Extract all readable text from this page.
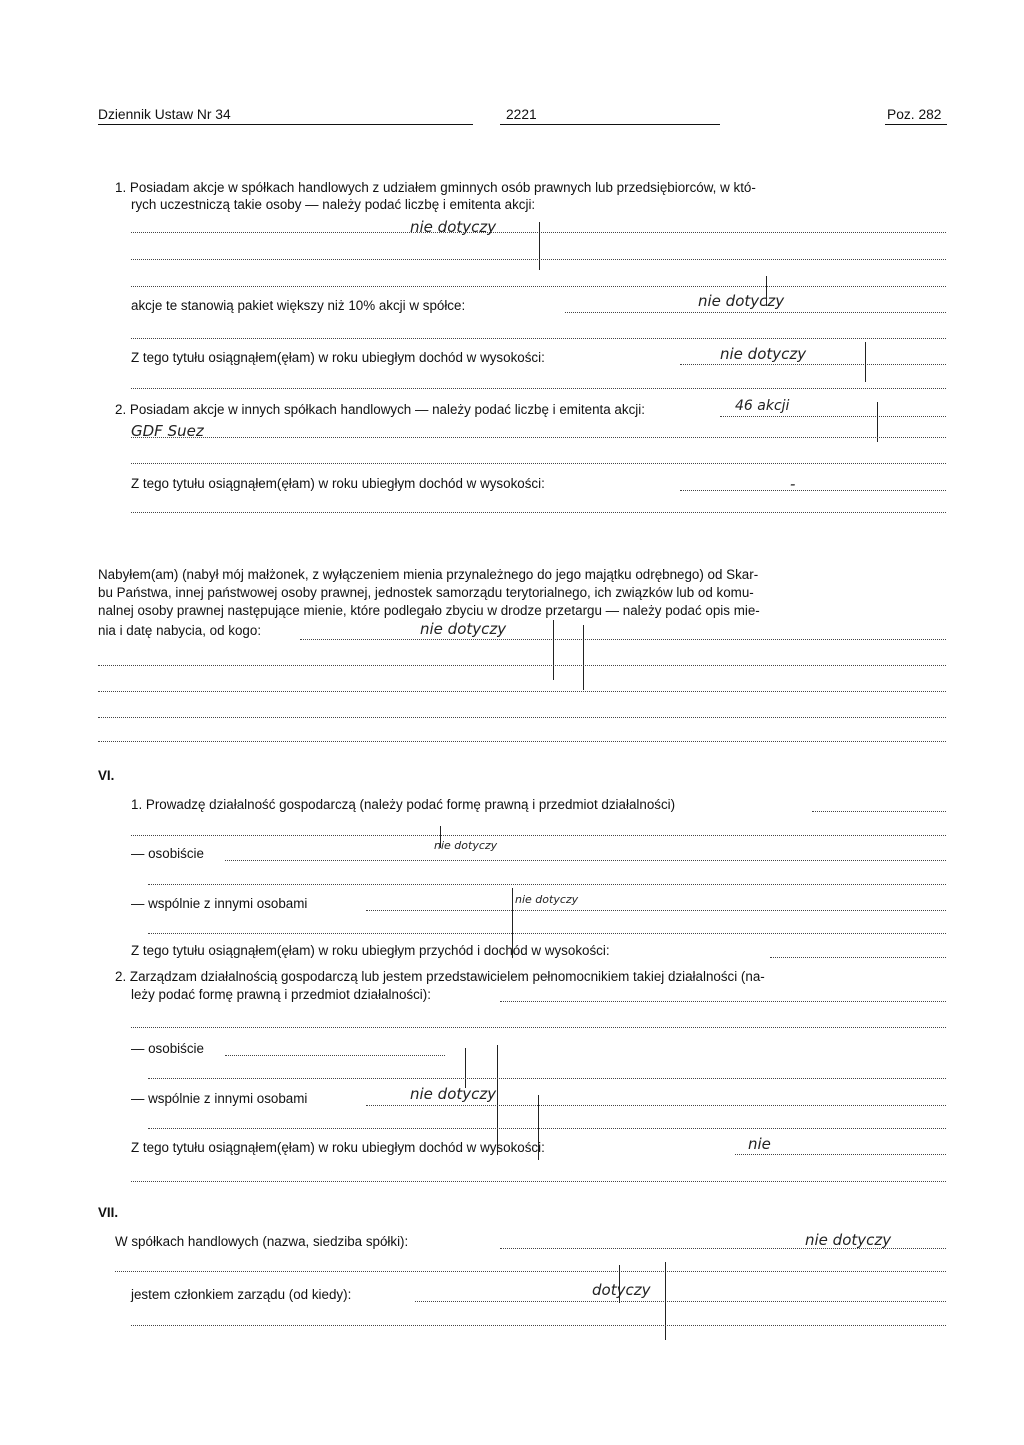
Dziennik Ustaw Nr 34	2221	Poz. 282
1. Posiadam akcje w spółkach handlowych z udziałem gminnych osób prawnych lub przedsiębiorców, w któ-
rych uczestniczą takie osoby — należy podać liczbę i emitenta akcji:
nie dotyczy
akcje te stanowią pakiet większy niż 10% akcji w spółce:	nie dotyczy
Z tego tytułu osiągnąłem(ęłam) w roku ubiegłym dochód w wysokości:	nie dotyczy
2. Posiadam akcje w innych spółkach handlowych — należy podać liczbę i emitenta akcji:	46 akcji
GDF Suez
Z tego tytułu osiągnąłem(ęłam) w roku ubiegłym dochód w wysokości:	-
Nabyłem(am) (nabył mój małżonek, z wyłączeniem mienia przynależnego do jego majątku odrębnego) od Skar-
bu Państwa, innej państwowej osoby prawnej, jednostek samorządu terytorialnego, ich związków lub od komu-
nalnej osoby prawnej następujące mienie, które podlegało zbyciu w drodze przetargu — należy podać opis mie-
nia i datę nabycia, od kogo:	nie dotyczy
VI.
1. Prowadzę działalność gospodarczą (należy podać formę prawną i przedmiot działalności)
— osobiście
nie dotyczy
— wspólnie z innymi osobami	nie dotyczy
Z tego tytułu osiągnąłem(ęłam) w roku ubiegłym przychód i dochód w wysokości:
2. Zarządzam działalnością gospodarczą lub jestem przedstawicielem pełnomocnikiem takiej działalności (na-
leży podać formę prawną i przedmiot działalności):
— osobiście
— wspólnie z innymi osobami	nie dotyczy
Z tego tytułu osiągnąłem(ęłam) w roku ubiegłym dochód w wysokości:	nie
VII.
W spółkach handlowych (nazwa, siedziba spółki):	nie dotyczy
jestem członkiem zarządu (od kiedy):	dotyczy
